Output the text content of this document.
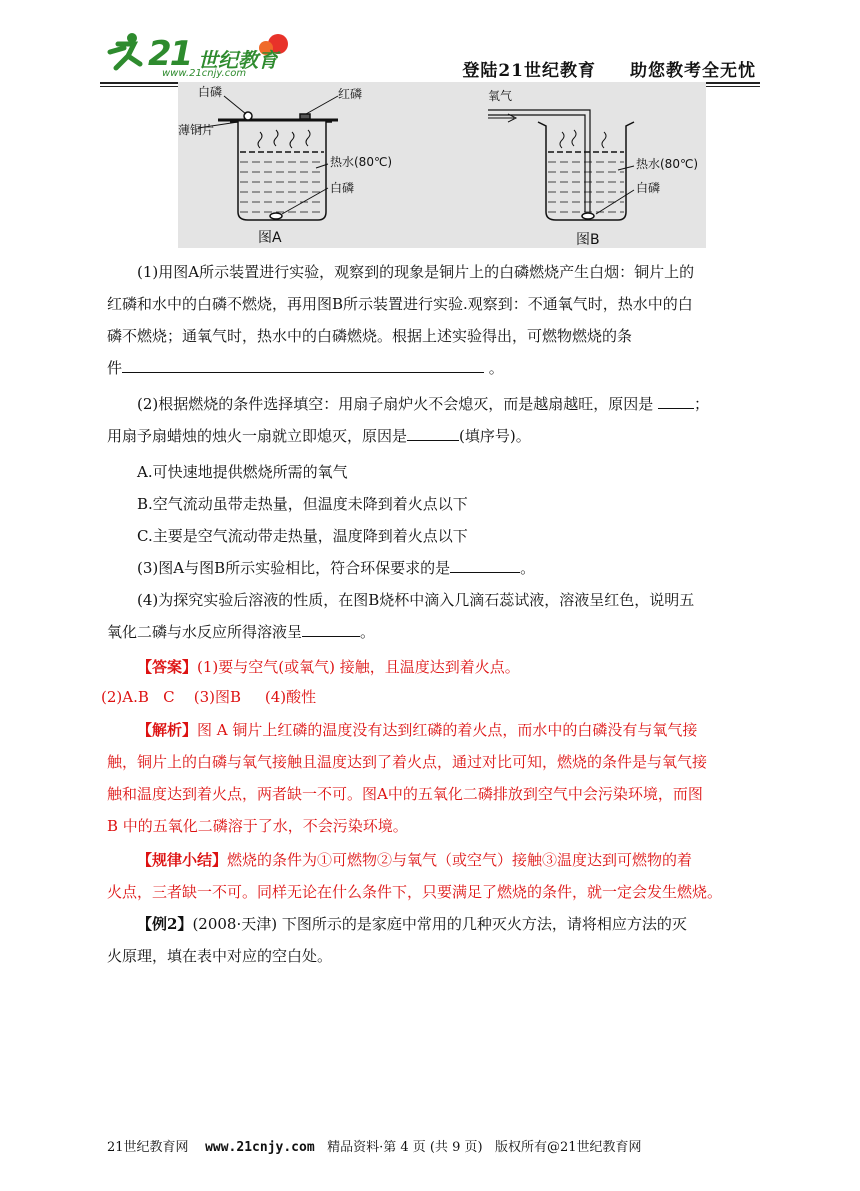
21 世纪教育
www.21cnjy.com	登陆21世纪教育 助您教考全无忧
白磷	红磷
薄铜片
热水(80℃)
白磷
图A
氧气
热水(80℃)
白磷
图B

(1)用图A所示装置进行实验，观察到的现象是铜片上的白磷燃烧产生白烟：铜片上的

红磷和水中的白磷不燃烧，再用图B所示装置进行实验.观察到：不通氧气时，热水中的白

磷不燃烧；通氧气时，热水中的白磷燃烧。根据上述实验得出，可燃物燃烧的条

件	。

(2)根据燃烧的条件选择填空：用扇子扇炉火不会熄灭，而是越扇越旺，原因是	；

用扇予扇蜡烛的烛火一扇就立即熄灭，原因是	(填序号)。

A.可快速地提供燃烧所需的氧气

B.空气流动虽带走热量，但温度未降到着火点以下

C.主要是空气流动带走热量，温度降到着火点以下

(3)图A与图B所示实验相比，符合环保要求的是	。

(4)为探究实验后溶液的性质，在图B烧杯中滴入几滴石蕊试液，溶液呈红色，说明五

氧化二磷与水反应所得溶液呈	。

【答案】(1)要与空气(或氧气) 接触，且温度达到着火点。

(2)A.B   C    (3)图B     (4)酸性

【解析】图 A 铜片上红磷的温度没有达到红磷的着火点，而水中的白磷没有与氧气接

触，铜片上的白磷与氧气接触且温度达到了着火点，通过对比可知，燃烧的条件是与氧气接

触和温度达到着火点，两者缺一不可。图A中的五氧化二磷排放到空气中会污染环境，而图

B 中的五氧化二磷溶于了水，不会污染环境。

【规律小结】燃烧的条件为①可燃物②与氧气（或空气）接触③温度达到可燃物的着

火点，三者缺一不可。同样无论在什么条件下，只要满足了燃烧的条件，就一定会发生燃烧。

【例2】(2008·天津) 下图所示的是家庭中常用的几种灭火方法，请将相应方法的灭

火原理，填在表中对应的空白处。

21世纪教育网 www.21cnjy.com 精品资料·第 4 页 (共 9 页) 版权所有@21世纪教育网
